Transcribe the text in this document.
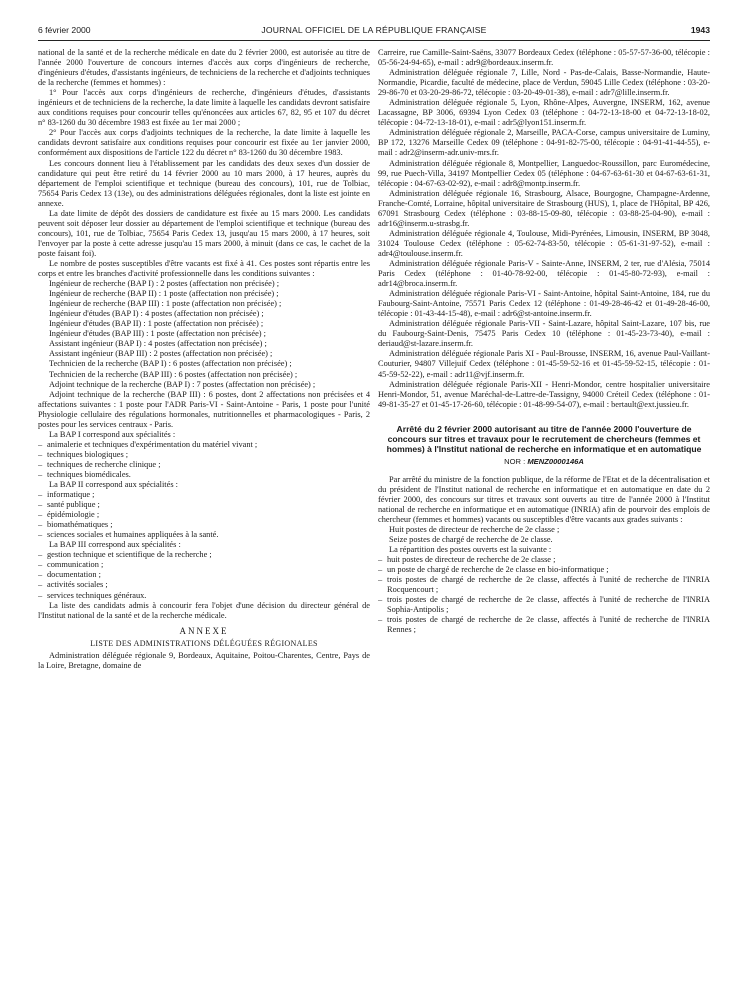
6 février 2000	JOURNAL OFFICIEL DE LA RÉPUBLIQUE FRANÇAISE	1943

national de la santé et de la recherche médicale en date du 2 février 2000, est autorisée au titre de l'année 2000 l'ouverture de concours internes d'accès aux corps d'ingénieurs de recherche, d'ingénieurs d'études, d'assistants ingénieurs, de techniciens de la recherche et d'adjoints techniques de la recherche (femmes et hommes) :

1° Pour l'accès aux corps d'ingénieurs de recherche, d'ingénieurs d'études, d'assistants ingénieurs et de techniciens de la recherche, la date limite à laquelle les candidats devront satisfaire aux conditions requises pour concourir telles qu'énoncées aux articles 67, 82, 95 et 107 du décret n° 83-1260 du 30 décembre 1983 est fixée au 1er mai 2000 ;

2° Pour l'accès aux corps d'adjoints techniques de la recherche, la date limite à laquelle les candidats devront satisfaire aux conditions requises pour concourir est fixée au 1er janvier 2000, conformément aux dispositions de l'article 122 du décret n° 83-1260 du 30 décembre 1983.

Les concours donnent lieu à l'établissement par les candidats des deux sexes d'un dossier de candidature qui peut être retiré du 14 février 2000 au 10 mars 2000, à 17 heures, auprès du département de l'emploi scientifique et technique (bureau des concours), 101, rue de Tolbiac, 75654 Paris Cedex 13 (13e), ou des administrations déléguées régionales, dont la liste est jointe en annexe.

La date limite de dépôt des dossiers de candidature est fixée au 15 mars 2000. Les candidats peuvent soit déposer leur dossier au département de l'emploi scientifique et technique (bureau des concours), 101, rue de Tolbiac, 75654 Paris Cedex 13, jusqu'au 15 mars 2000, à 17 heures, soit l'envoyer par la poste à cette adresse jusqu'au 15 mars 2000, à minuit (dans ce cas, le cachet de la poste faisant foi).

Le nombre de postes susceptibles d'être vacants est fixé à 41. Ces postes sont répartis entre les corps et entre les branches d'activité professionnelle dans les conditions suivantes :

Ingénieur de recherche (BAP I) : 2 postes (affectation non précisée) ;

Ingénieur de recherche (BAP II) : 1 poste (affectation non précisée) ;

Ingénieur de recherche (BAP III) : 1 poste (affectation non précisée) ;

Ingénieur d'études (BAP I) : 4 postes (affectation non précisée) ;

Ingénieur d'études (BAP II) : 1 poste (affectation non précisée) ;

Ingénieur d'études (BAP III) : 1 poste (affectation non précisée) ;

Assistant ingénieur (BAP I) : 4 postes (affectation non précisée) ;

Assistant ingénieur (BAP III) : 2 postes (affectation non précisée) ;

Technicien de la recherche (BAP I) : 6 postes (affectation non précisée) ;

Technicien de la recherche (BAP III) : 6 postes (affectation non précisée) ;

Adjoint technique de la recherche (BAP I) : 7 postes (affectation non précisée) ;

Adjoint technique de la recherche (BAP III) : 6 postes, dont 2 affectations non précisées et 4 affectations suivantes : 1 poste pour l'ADR Paris-VI - Saint-Antoine - Paris, 1 poste pour l'unité Physiologie cellulaire des régulations hormonales, nutritionnelles et pharmacologiques - Paris, 2 postes pour les services centraux - Paris.

La BAP I correspond aux spécialités :

– animalerie et techniques d'expérimentation du matériel vivant ;

– techniques biologiques ;

– techniques de recherche clinique ;

– techniques biomédicales.

La BAP II correspond aux spécialités :

– informatique ;

– santé publique ;

– épidémiologie ;

– biomathématiques ;

– sciences sociales et humaines appliquées à la santé.

La BAP III correspond aux spécialités :

– gestion technique et scientifique de la recherche ;

– communication ;

– documentation ;

– activités sociales ;

– services techniques généraux.

La liste des candidats admis à concourir fera l'objet d'une décision du directeur général de l'Institut national de la santé et de la recherche médicale.

ANNEXE

LISTE DES ADMINISTRATIONS DÉLÉGUÉES RÉGIONALES

Administration déléguée régionale 9, Bordeaux, Aquitaine, Poitou-Charentes, Centre, Pays de la Loire, Bretagne, domaine de

Carreire, rue Camille-Saint-Saëns, 33077 Bordeaux Cedex (téléphone : 05-57-57-36-00, télécopie : 05-56-24-94-65), e-mail : adr9@bordeaux.inserm.fr.

Administration déléguée régionale 7, Lille, Nord - Pas-de-Calais, Basse-Normandie, Haute-Normandie, Picardie, faculté de médecine, place de Verdun, 59045 Lille Cedex (téléphone : 03-20-29-86-70 et 03-20-29-86-72, télécopie : 03-20-49-01-38), e-mail : adr7@lille.inserm.fr.

Administration déléguée régionale 5, Lyon, Rhône-Alpes, Auvergne, INSERM, 162, avenue Lacassagne, BP 3006, 69394 Lyon Cedex 03 (téléphone : 04-72-13-18-00 et 04-72-13-18-02, télécopie : 04-72-13-18-01), e-mail : adr5@lyon151.inserm.fr.

Administration déléguée régionale 2, Marseille, PACA-Corse, campus universitaire de Luminy, BP 172, 13276 Marseille Cedex 09 (téléphone : 04-91-82-75-00, télécopie : 04-91-41-44-55), e-mail : adr2@inserm-adr.univ-mrs.fr.

Administration déléguée régionale 8, Montpellier, Languedoc-Roussillon, parc Euromédecine, 99, rue Puech-Villa, 34197 Montpellier Cedex 05 (téléphone : 04-67-63-61-30 et 04-67-63-61-31, télécopie : 04-67-63-02-92), e-mail : adr8@montp.inserm.fr.

Administration déléguée régionale 16, Strasbourg, Alsace, Bourgogne, Champagne-Ardenne, Franche-Comté, Lorraine, hôpital universitaire de Strasbourg (HUS), 1, place de l'Hôpital, BP 426, 67091 Strasbourg Cedex (téléphone : 03-88-15-09-80, télécopie : 03-88-25-04-90), e-mail : adr16@inserm.u-strasbg.fr.

Administration déléguée régionale 4, Toulouse, Midi-Pyrénées, Limousin, INSERM, BP 3048, 31024 Toulouse Cedex (téléphone : 05-62-74-83-50, télécopie : 05-61-31-97-52), e-mail : adr4@toulouse.inserm.fr.

Administration déléguée régionale Paris-V - Sainte-Anne, INSERM, 2 ter, rue d'Alésia, 75014 Paris Cedex (téléphone : 01-40-78-92-00, télécopie : 01-45-80-72-93), e-mail : adr14@broca.inserm.fr.

Administration déléguée régionale Paris-VI - Saint-Antoine, hôpital Saint-Antoine, 184, rue du Faubourg-Saint-Antoine, 75571 Paris Cedex 12 (téléphone : 01-49-28-46-42 et 01-49-28-46-00, télécopie : 01-43-44-15-48), e-mail : adr6@st-antoine.inserm.fr.

Administration déléguée régionale Paris-VII - Saint-Lazare, hôpital Saint-Lazare, 107 bis, rue du Faubourg-Saint-Denis, 75475 Paris Cedex 10 (téléphone : 01-45-23-73-40), e-mail : deriaud@st-lazare.inserm.fr.

Administration déléguée régionale Paris XI - Paul-Brousse, INSERM, 16, avenue Paul-Vaillant-Couturier, 94807 Villejuif Cedex (téléphone : 01-45-59-52-16 et 01-45-59-52-15, télécopie : 01-45-59-52-22), e-mail : adr11@vjf.inserm.fr.

Administration déléguée régionale Paris-XII - Henri-Mondor, centre hospitalier universitaire Henri-Mondor, 51, avenue Maréchal-de-Lattre-de-Tassigny, 94000 Créteil Cedex (téléphone : 01-49-81-35-27 et 01-45-17-26-60, télécopie : 01-48-99-54-07), e-mail : bertault@ext.jussieu.fr.

Arrêté du 2 février 2000 autorisant au titre de l'année 2000 l'ouverture de concours sur titres et travaux pour le recrutement de chercheurs (femmes et hommes) à l'Institut national de recherche en informatique et en automatique

NOR : MENZ0000146A

Par arrêté du ministre de la fonction publique, de la réforme de l'Etat et de la décentralisation et du président de l'Institut national de recherche en informatique et en automatique en date du 2 février 2000, des concours sur titres et travaux sont ouverts au titre de l'année 2000 à l'Institut national de recherche en informatique et en automatique (INRIA) afin de pourvoir des emplois de chercheur (femmes et hommes) vacants ou susceptibles d'être vacants aux grades suivants :

Huit postes de directeur de recherche de 2e classe ;

Seize postes de chargé de recherche de 2e classe.

La répartition des postes ouverts est la suivante :

– huit postes de directeur de recherche de 2e classe ;

– un poste de chargé de recherche de 2e classe en bio-informatique ;

– trois postes de chargé de recherche de 2e classe, affectés à l'unité de recherche de l'INRIA Rocquencourt ;

– trois postes de chargé de recherche de 2e classe, affectés à l'unité de recherche de l'INRIA Sophia-Antipolis ;

– trois postes de chargé de recherche de 2e classe, affectés à l'unité de recherche de l'INRIA Rennes ;
